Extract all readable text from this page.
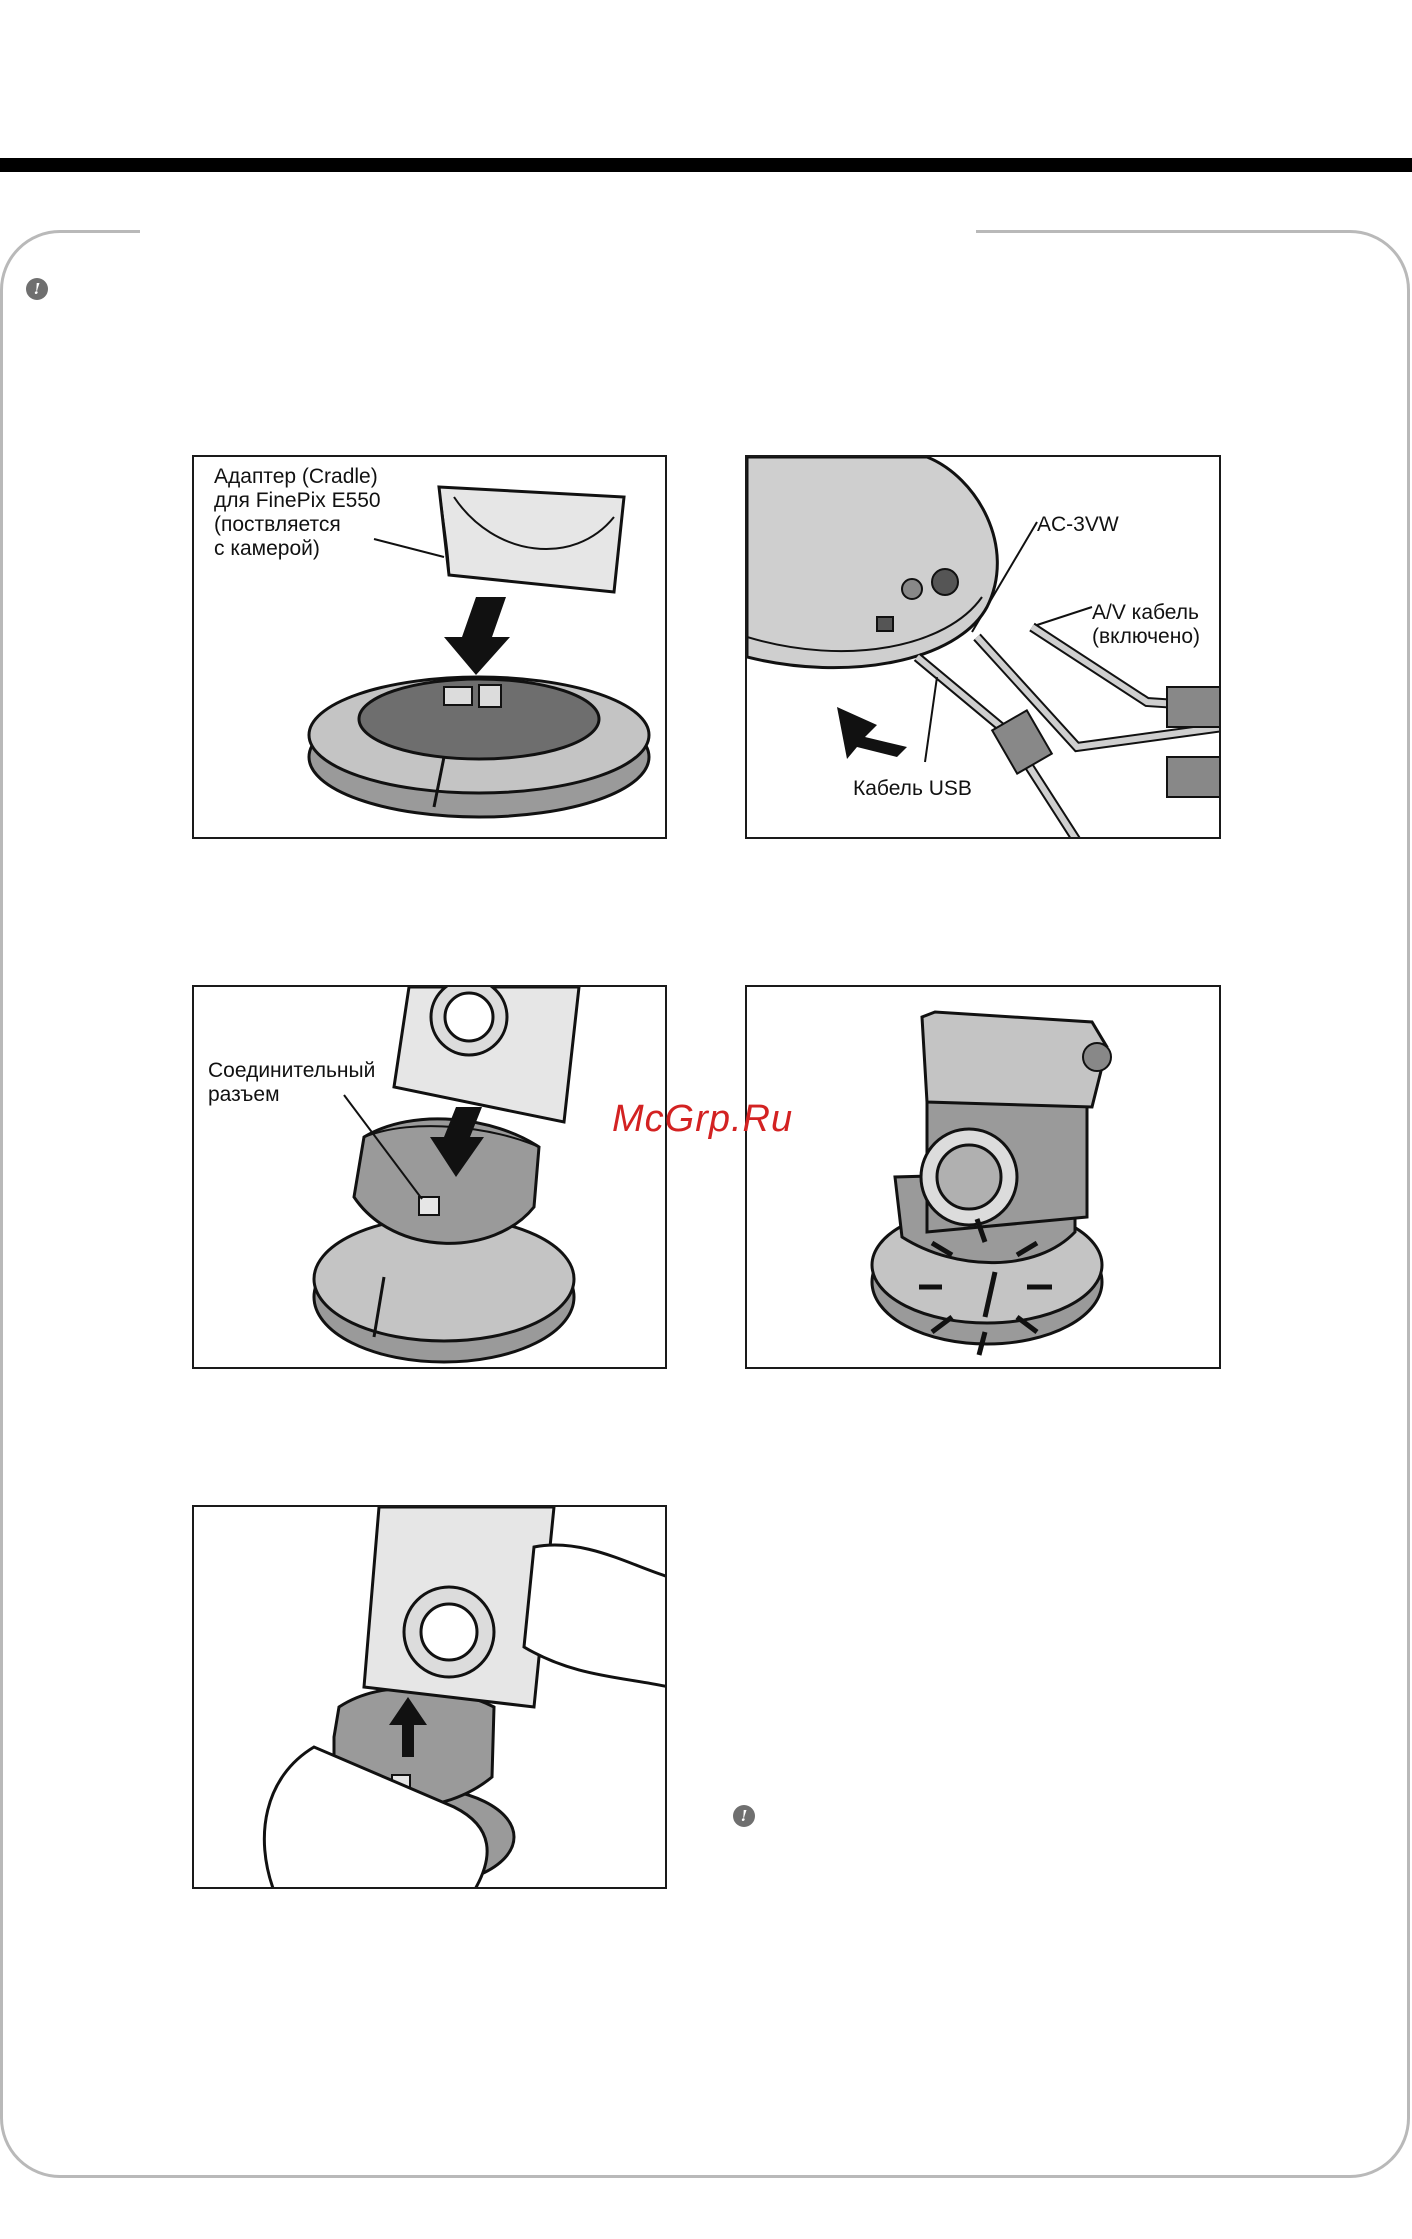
!
Адаптер (Cradle)
для FinePix E550
(поствляется
с камерой)
AC-3VW
A/V кабель
(включено)
Кабель USB
Соединительный
разъем
!
McGrp.Ru
